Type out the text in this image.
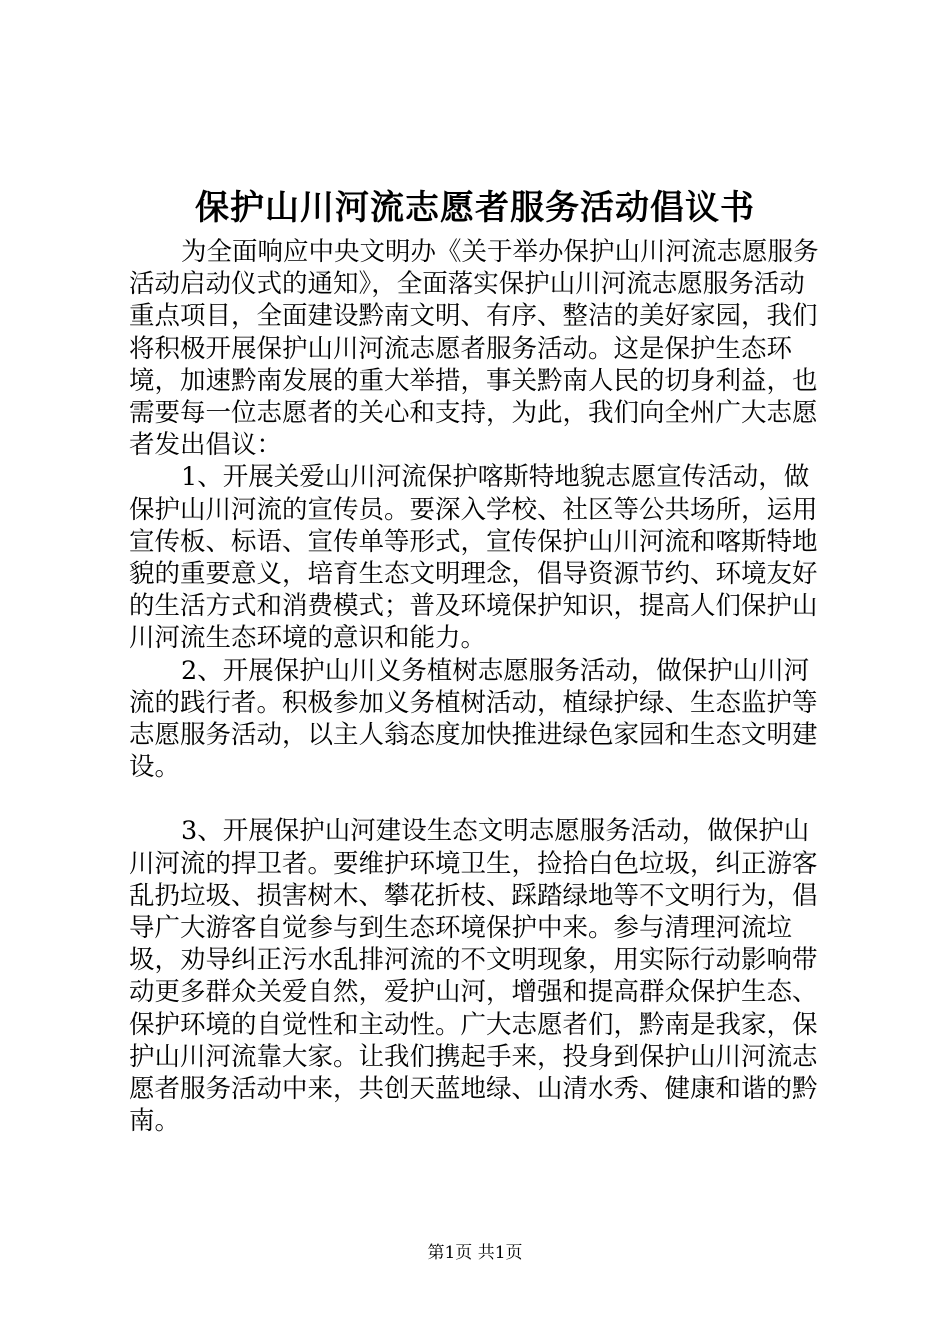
保护山川河流志愿者服务活动倡议书

为全面响应中央文明办《关于举办保护山川河流志愿服务活动启动仪式的通知》，全面落实保护山川河流志愿服务活动重点项目，全面建设黔南文明、有序、整洁的美好家园，我们将积极开展保护山川河流志愿者服务活动。这是保护生态环境，加速黔南发展的重大举措，事关黔南人民的切身利益，也需要每一位志愿者的关心和支持，为此，我们向全州广大志愿者发出倡议：

1、开展关爱山川河流保护喀斯特地貌志愿宣传活动，做保护山川河流的宣传员。要深入学校、社区等公共场所，运用宣传板、标语、宣传单等形式，宣传保护山川河流和喀斯特地貌的重要意义，培育生态文明理念，倡导资源节约、环境友好的生活方式和消费模式；普及环境保护知识，提高人们保护山川河流生态环境的意识和能力。

2、开展保护山川义务植树志愿服务活动，做保护山川河流的践行者。积极参加义务植树活动，植绿护绿、生态监护等志愿服务活动，以主人翁态度加快推进绿色家园和生态文明建设。

3、开展保护山河建设生态文明志愿服务活动，做保护山川河流的捍卫者。要维护环境卫生，捡拾白色垃圾，纠正游客乱扔垃圾、损害树木、攀花折枝、踩踏绿地等不文明行为，倡导广大游客自觉参与到生态环境保护中来。参与清理河流垃圾，劝导纠正污水乱排河流的不文明现象，用实际行动影响带动更多群众关爱自然，爱护山河，增强和提高群众保护生态、保护环境的自觉性和主动性。广大志愿者们，黔南是我家，保护山川河流靠大家。让我们携起手来，投身到保护山川河流志愿者服务活动中来，共创天蓝地绿、山清水秀、健康和谐的黔南。

第1页 共1页
